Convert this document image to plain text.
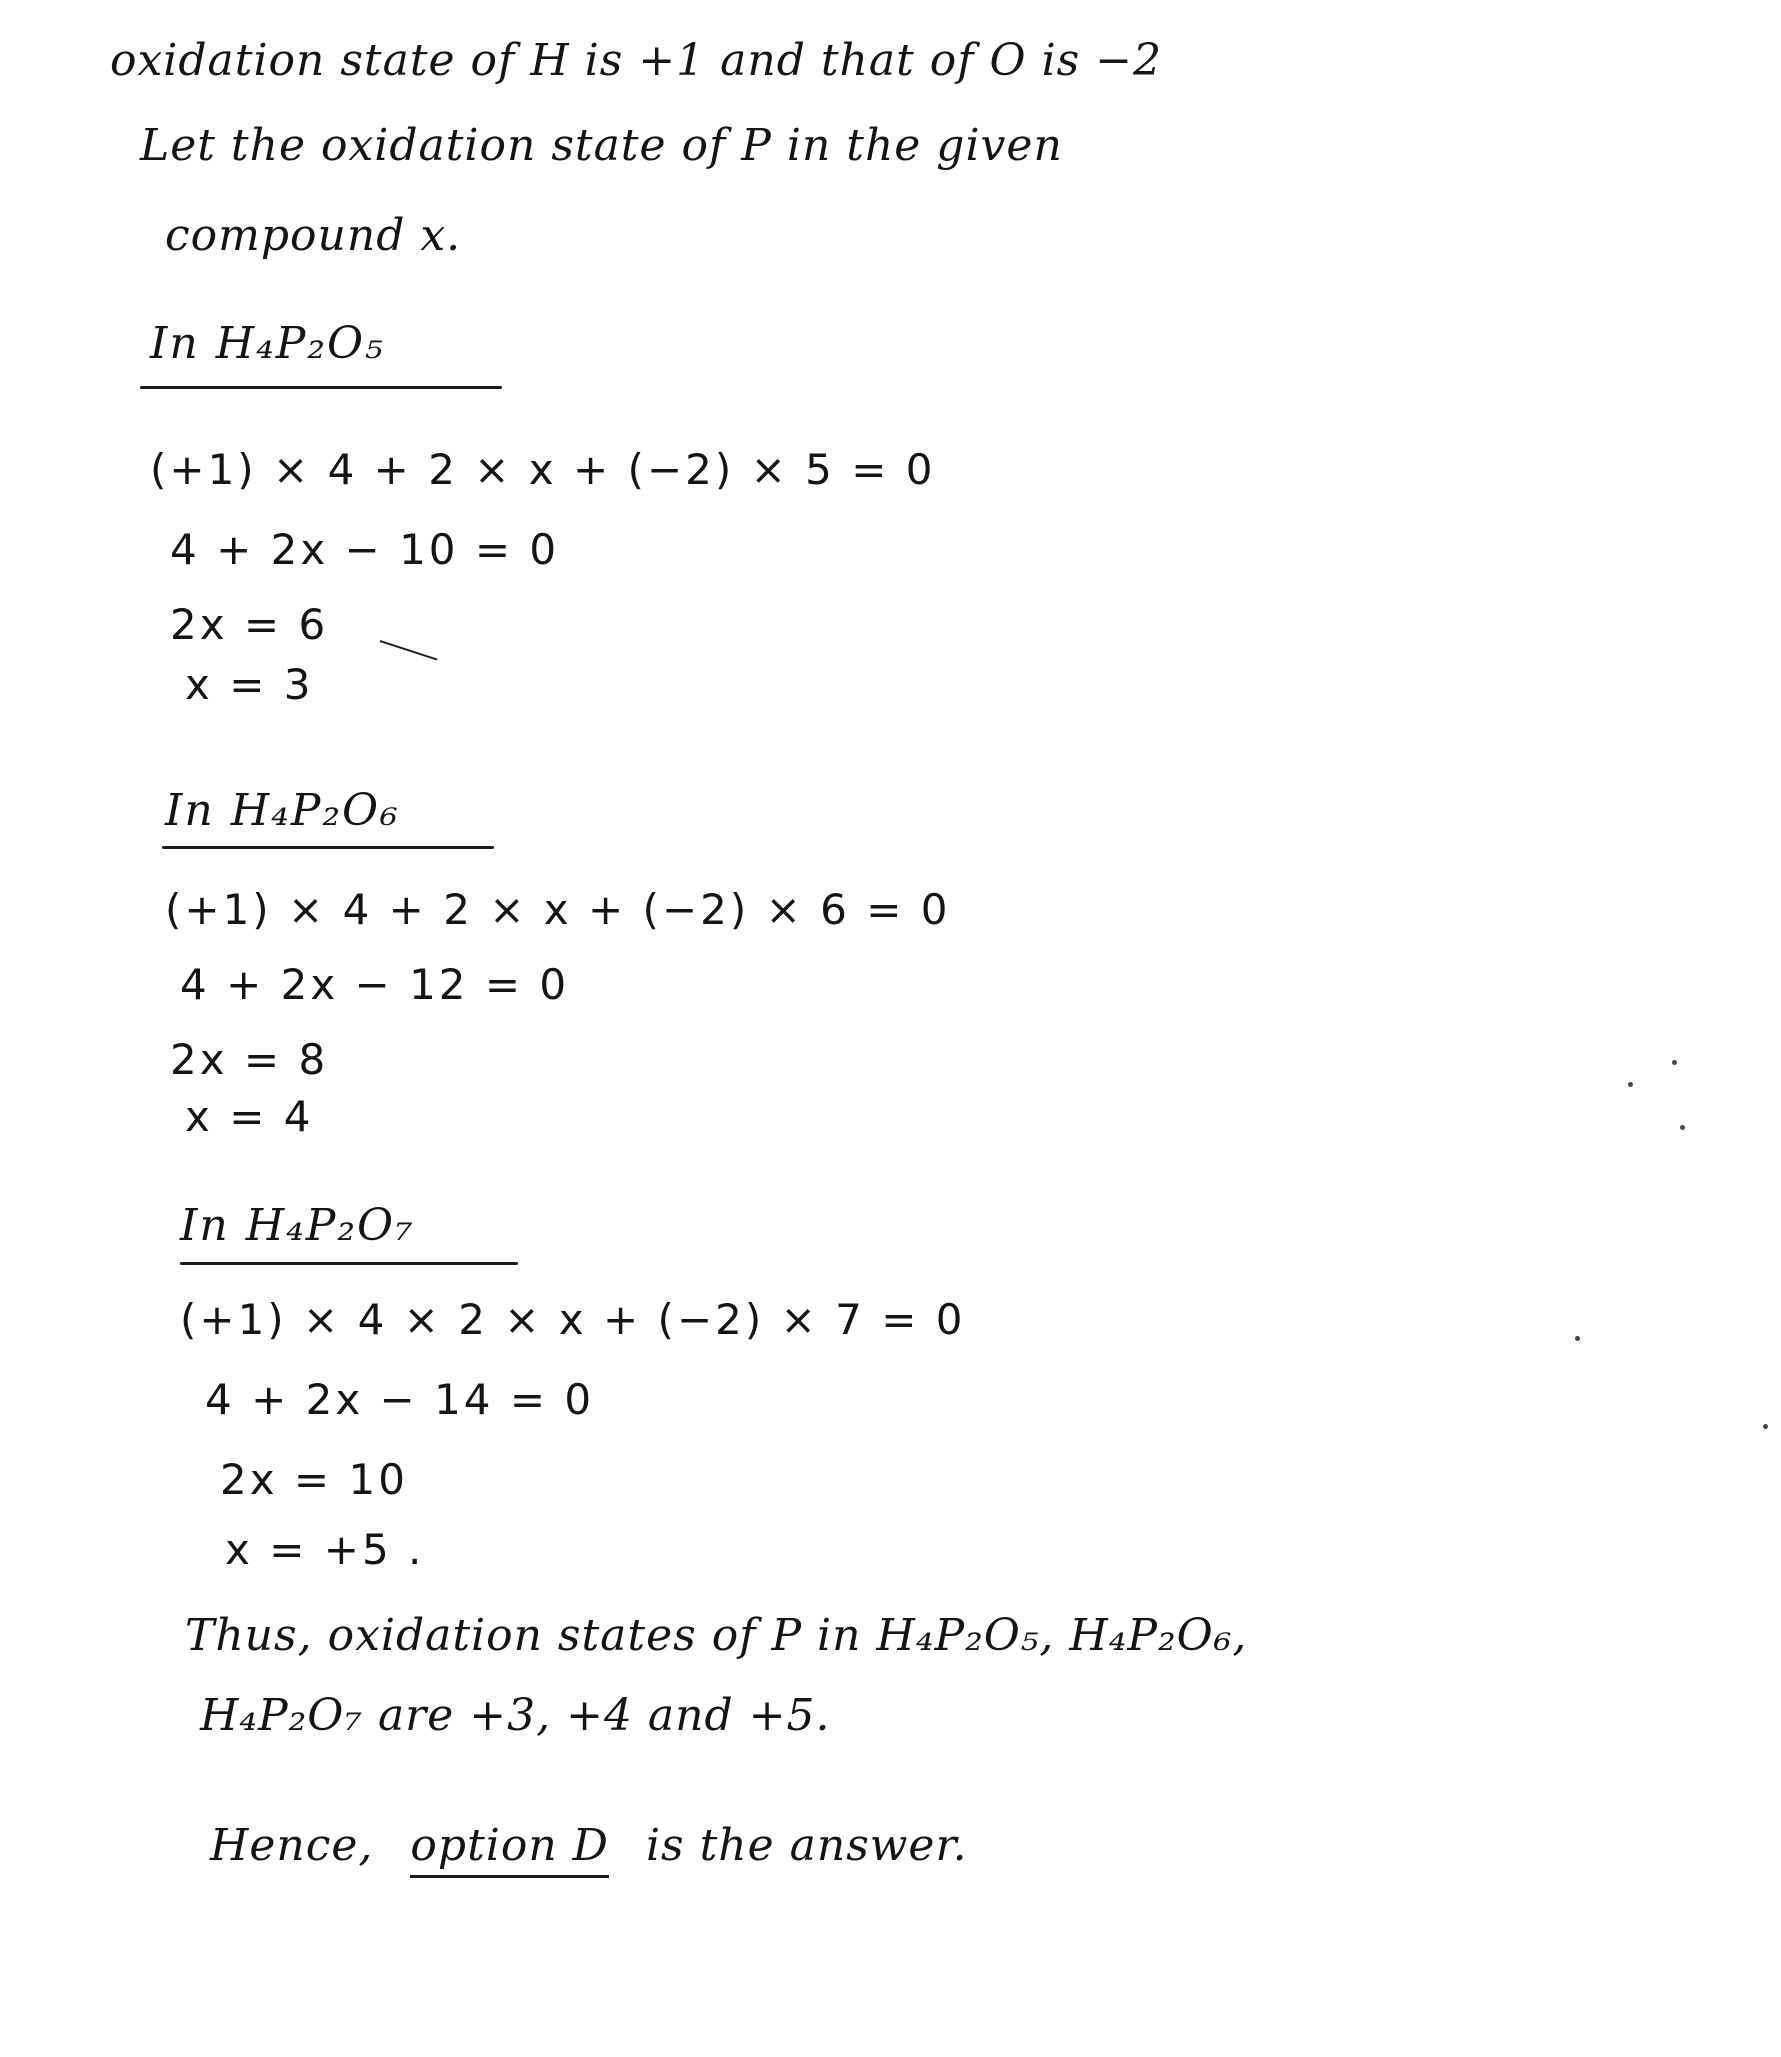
oxidation state of H is +1 and that of O is −2
Let the oxidation state of P in the given
compound x.
In H₄P₂O₅
(+1) × 4 + 2 × x + (−2) × 5 = 0
4 + 2x − 10 = 0
2x = 6
x = 3
In H₄P₂O₆
(+1) × 4 + 2 × x + (−2) × 6 = 0
4 + 2x − 12 = 0
2x = 8
x = 4
In H₄P₂O₇
(+1) × 4 × 2 × x + (−2) × 7 = 0
4 + 2x − 14 = 0
2x = 10
x = +5 .
Thus, oxidation states of P in H₄P₂O₅, H₄P₂O₆,
H₄P₂O₇ are +3, +4 and +5.
Hence, option D is the answer.
